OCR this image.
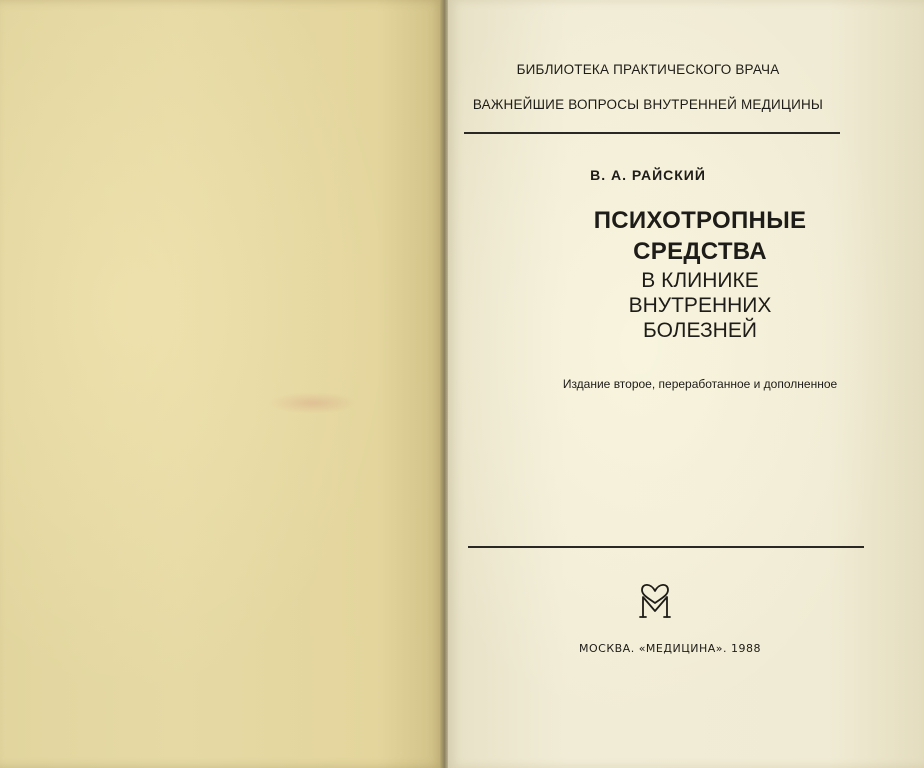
БИБЛИОТЕКА ПРАКТИЧЕСКОГО ВРАЧА
ВАЖНЕЙШИЕ ВОПРОСЫ ВНУТРЕННЕЙ МЕДИЦИНЫ
В. А. РАЙСКИЙ
ПСИХОТРОПНЫЕ
СРЕДСТВА
В КЛИНИКЕ
ВНУТРЕННИХ
БОЛЕЗНЕЙ
Издание второе, переработанное и дополненное
МОСКВА. «МЕДИЦИНА». 1988
